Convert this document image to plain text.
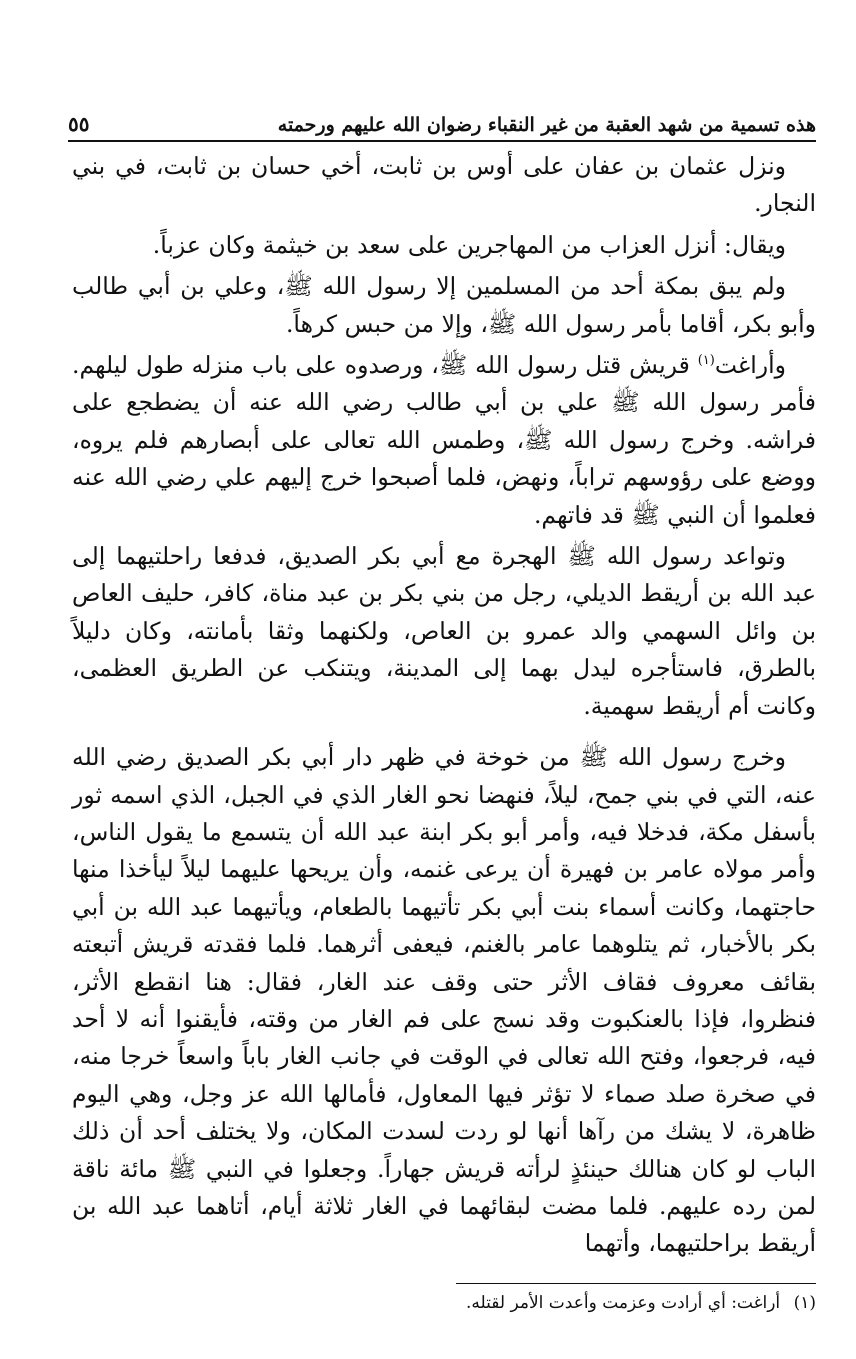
هذه تسمية من شهد العقبة من غير النقباء رضوان الله عليهم ورحمته
٥٥

ونزل عثمان بن عفان على أوس بن ثابت، أخي حسان بن ثابت، في بني النجار.

ويقال: أنزل العزاب من المهاجرين على سعد بن خيثمة وكان عزباً.

ولم يبق بمكة أحد من المسلمين إلا رسول الله ﷺ، وعلي بن أبي طالب وأبو بكر، أقاما بأمر رسول الله ﷺ، وإلا من حبس كرهاً.

وأراغت$^{(١)}$ قريش قتل رسول الله ﷺ، ورصدوه على باب منزله طول ليلهم. فأمر رسول الله ﷺ علي بن أبي طالب رضي الله عنه أن يضطجع على فراشه. وخرج رسول الله ﷺ، وطمس الله تعالى على أبصارهم فلم يروه، ووضع على رؤوسهم تراباً، ونهض، فلما أصبحوا خرج إليهم علي رضي الله عنه فعلموا أن النبي ﷺ قد فاتهم.

وتواعد رسول الله ﷺ الهجرة مع أبي بكر الصديق، فدفعا راحلتيهما إلى عبد الله بن أريقط الديلي، رجل من بني بكر بن عبد مناة، كافر، حليف العاص بن وائل السهمي والد عمرو بن العاص، ولكنهما وثقا بأمانته، وكان دليلاً بالطرق، فاستأجره ليدل بهما إلى المدينة، ويتنكب عن الطريق العظمى، وكانت أم أريقط سهمية.

وخرج رسول الله ﷺ من خوخة في ظهر دار أبي بكر الصديق رضي الله عنه، التي في بني جمح، ليلاً، فنهضا نحو الغار الذي في الجبل، الذي اسمه ثور بأسفل مكة، فدخلا فيه، وأمر أبو بكر ابنة عبد الله أن يتسمع ما يقول الناس، وأمر مولاه عامر بن فهيرة أن يرعى غنمه، وأن يريحها عليهما ليلاً ليأخذا منها حاجتهما، وكانت أسماء بنت أبي بكر تأتيهما بالطعام، ويأتيهما عبد الله بن أبي بكر بالأخبار، ثم يتلوهما عامر بالغنم، فيعفى أثرهما. فلما فقدته قريش أتبعته بقائف معروف فقاف الأثر حتى وقف عند الغار، فقال: هنا انقطع الأثر، فنظروا، فإذا بالعنكبوت وقد نسج على فم الغار من وقته، فأيقنوا أنه لا أحد فيه، فرجعوا، وفتح الله تعالى في الوقت في جانب الغار باباً واسعاً خرجا منه، في صخرة صلد صماء لا تؤثر فيها المعاول، فأمالها الله عز وجل، وهي اليوم ظاهرة، لا يشك من رآها أنها لو ردت لسدت المكان، ولا يختلف أحد أن ذلك الباب لو كان هنالك حينئذٍ لرأته قريش جهاراً. وجعلوا في النبي ﷺ مائة ناقة لمن رده عليهم. فلما مضت لبقائهما في الغار ثلاثة أيام، أتاهما عبد الله بن أريقط براحلتيهما، وأتهما

(١) أراغت: أي أرادت وعزمت وأعدت الأمر لقتله.
